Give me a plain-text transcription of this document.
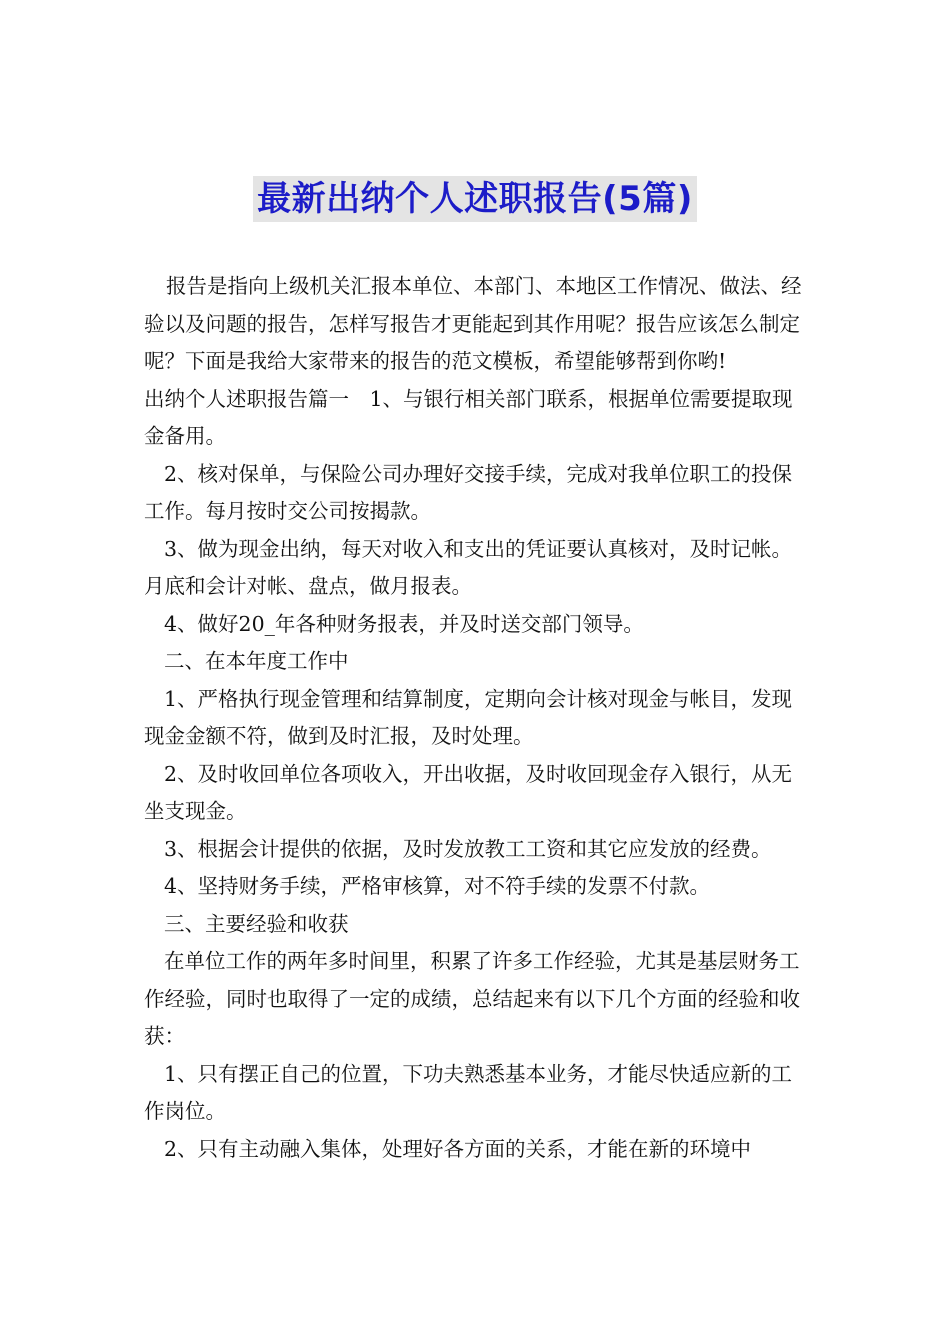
最新出纳个人述职报告(5篇)

报告是指向上级机关汇报本单位、本部门、本地区工作情况、做法、经验以及问题的报告，怎样写报告才更能起到其作用呢？报告应该怎么制定呢？下面是我给大家带来的报告的范文模板，希望能够帮到你哟!

出纳个人述职报告篇一　1、与银行相关部门联系，根据单位需要提取现金备用。

2、核对保单，与保险公司办理好交接手续，完成对我单位职工的投保工作。每月按时交公司按揭款。

3、做为现金出纳，每天对收入和支出的凭证要认真核对，及时记帐。月底和会计对帐、盘点，做月报表。

4、做好20_年各种财务报表，并及时送交部门领导。

二、在本年度工作中

1、严格执行现金管理和结算制度，定期向会计核对现金与帐目，发现现金金额不符，做到及时汇报，及时处理。

2、及时收回单位各项收入，开出收据，及时收回现金存入银行，从无坐支现金。

3、根据会计提供的依据，及时发放教工工资和其它应发放的经费。

4、坚持财务手续，严格审核算，对不符手续的发票不付款。

三、主要经验和收获

在单位工作的两年多时间里，积累了许多工作经验，尤其是基层财务工作经验，同时也取得了一定的成绩，总结起来有以下几个方面的经验和收获：

1、只有摆正自己的位置，下功夫熟悉基本业务，才能尽快适应新的工作岗位。

2、只有主动融入集体，处理好各方面的关系，才能在新的环境中
